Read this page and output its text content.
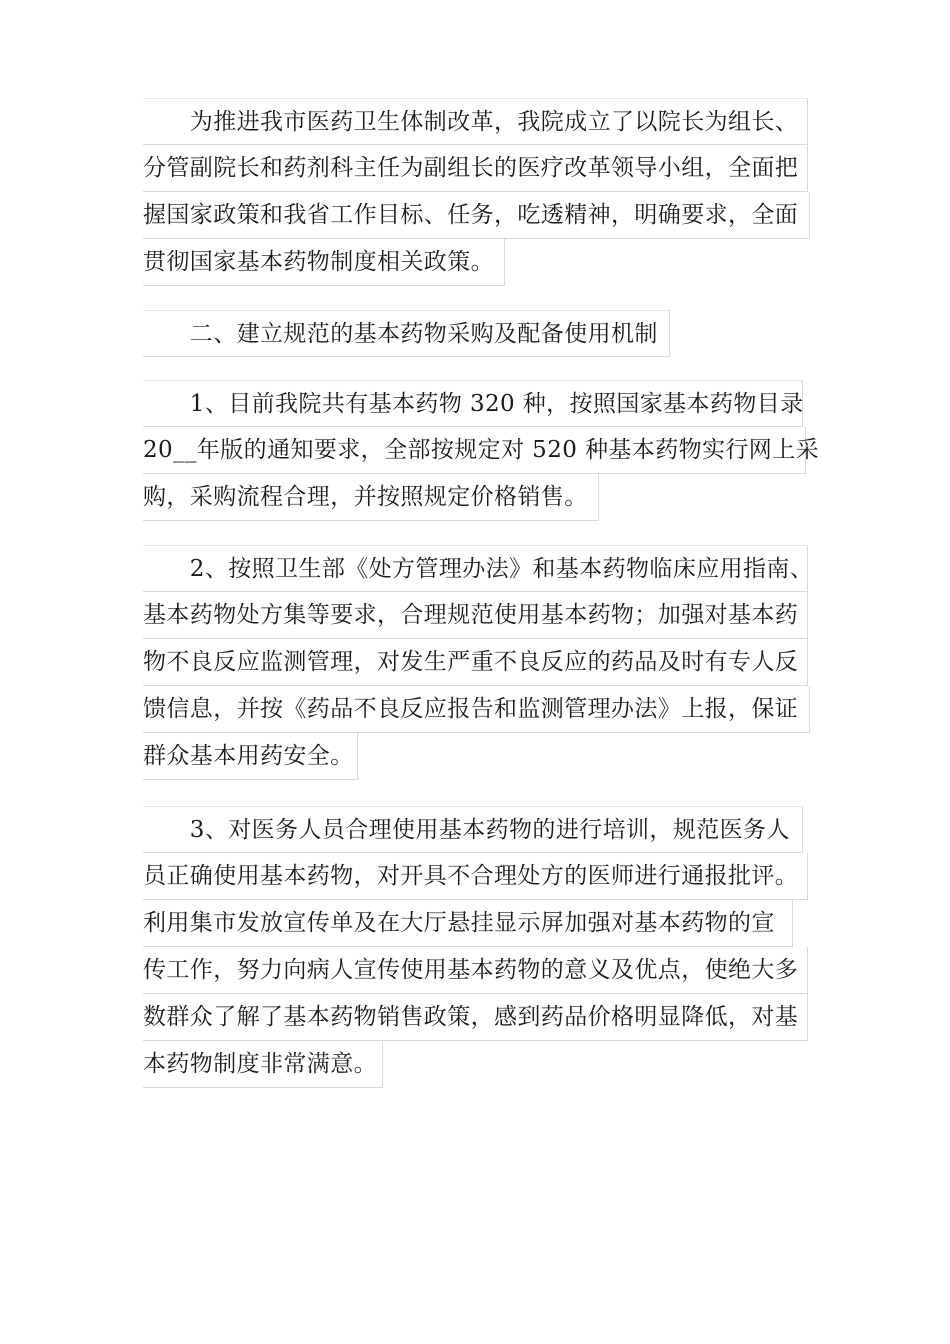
　　为推进我市医药卫生体制改革，我院成立了以院长为组长、
分管副院长和药剂科主任为副组长的医疗改革领导小组，全面把
握国家政策和我省工作目标、任务，吃透精神，明确要求，全面
贯彻国家基本药物制度相关政策。
　　二、建立规范的基本药物采购及配备使用机制
　　1、目前我院共有基本药物 320 种，按照国家基本药物目录
20__年版的通知要求，全部按规定对 520 种基本药物实行网上采
购，采购流程合理，并按照规定价格销售。
　　2、按照卫生部《处方管理办法》和基本药物临床应用指南、
基本药物处方集等要求，合理规范使用基本药物；加强对基本药
物不良反应监测管理，对发生严重不良反应的药品及时有专人反
馈信息，并按《药品不良反应报告和监测管理办法》上报，保证
群众基本用药安全。
　　3、对医务人员合理使用基本药物的进行培训，规范医务人
员正确使用基本药物，对开具不合理处方的医师进行通报批评。
利用集市发放宣传单及在大厅悬挂显示屏加强对基本药物的宣
传工作，努力向病人宣传使用基本药物的意义及优点，使绝大多
数群众了解了基本药物销售政策，感到药品价格明显降低，对基
本药物制度非常满意。
